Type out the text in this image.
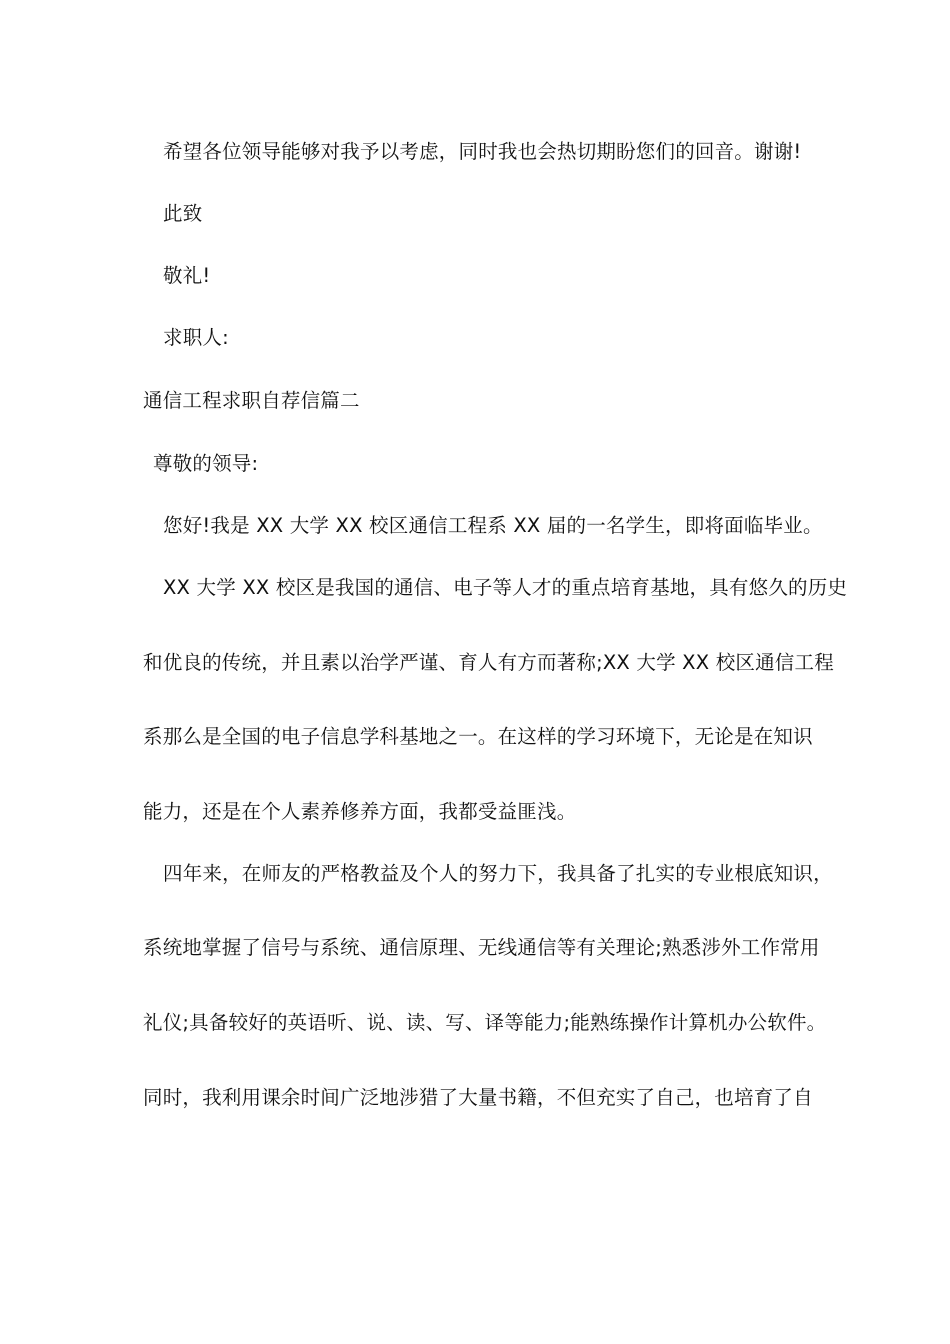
希望各位领导能够对我予以考虑，同时我也会热切期盼您们的回音。谢谢!
此致
敬礼!
求职人:
通信工程求职自荐信篇二
尊敬的领导:
您好!我是 XX 大学 XX 校区通信工程系 XX 届的一名学生，即将面临毕业。
XX 大学 XX 校区是我国的通信、电子等人才的重点培育基地，具有悠久的历史
和优良的传统，并且素以治学严谨、育人有方而著称;XX 大学 XX 校区通信工程
系那么是全国的电子信息学科基地之一。在这样的学习环境下，无论是在知识
能力，还是在个人素养修养方面，我都受益匪浅。
四年来，在师友的严格教益及个人的努力下，我具备了扎实的专业根底知识，
系统地掌握了信号与系统、通信原理、无线通信等有关理论;熟悉涉外工作常用
礼仪;具备较好的英语听、说、读、写、译等能力;能熟练操作计算机办公软件。
同时，我利用课余时间广泛地涉猎了大量书籍，不但充实了自己，也培育了自
